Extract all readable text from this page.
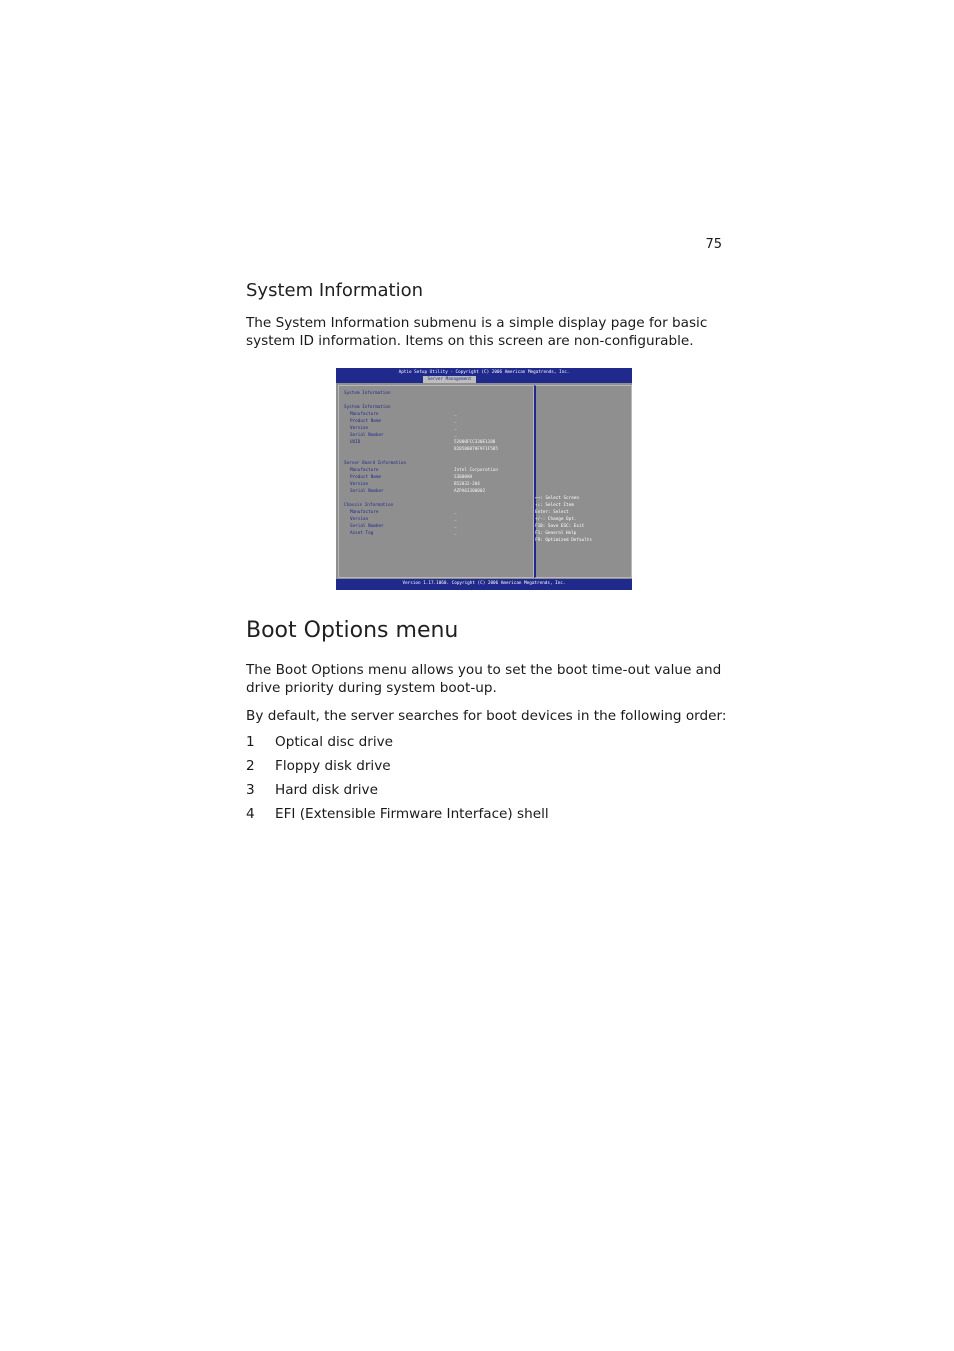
75
System Information

The System Information submenu is a simple display page for basic system ID information. Items on this screen are non-configurable.

Aptio Setup Utility - Copyright (C) 2006 American Megatrends, Inc.
Server Management
System Information
System Information
Manufacture	_
Product Name	_
Version	_
Serial Number	_
UUID	52000FCC330E1188
820500070F9F1F585
Server Board Information
Manufacture	Intel Corporation
Product Name	S3000AH
Version	B52032-204
Serial Number	AZPA63300002
Chassis Information
Manufacture	_
Version	_
Serial Number	_
Asset Tag	_
←→: Select Screen
↑↓: Select Item
Enter: Select
+/-: Change Opt.
F10: Save ESC: Exit
F1: General Help
F9: Optimized Defaults
Version 1.17.1060. Copyright (C) 2006 American Megatrends, Inc.
Boot Options menu

The Boot Options menu allows you to set the boot time-out value and drive priority during system boot-up.

By default, the server searches for boot devices in the following order:

1	Optical disc drive
2	Floppy disk drive
3	Hard disk drive
4	EFI (Extensible Firmware Interface) shell
